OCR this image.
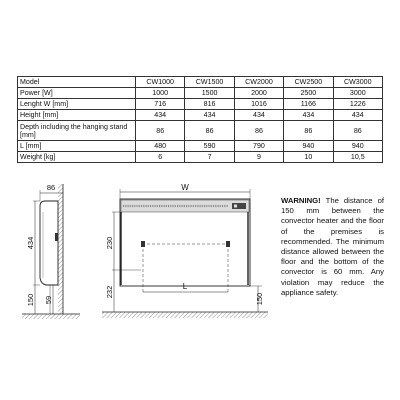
Model	CW1000	CW1500	CW2000	CW2500	CW3000
Power [W]	1000	1500	2000	2500	3000
Lenght W [mm]	716	816	1016	1166	1226
Height [mm]	434	434	434	434	434
Depth including the hanging stand
[mm]	86	86	86	86	86
L [mm]	480	590	790	940	940
Weight [kg]	6	7	9	10	10,5
86
434
150 59
W
230
232	L
150

WARNING! The distance of 150 mm between the convector heater and the floor of the premises is recommended. The minimum distance allowed between the floor and the bottom of the convector is 60 mm. Any violation may reduce the appliance safety.
